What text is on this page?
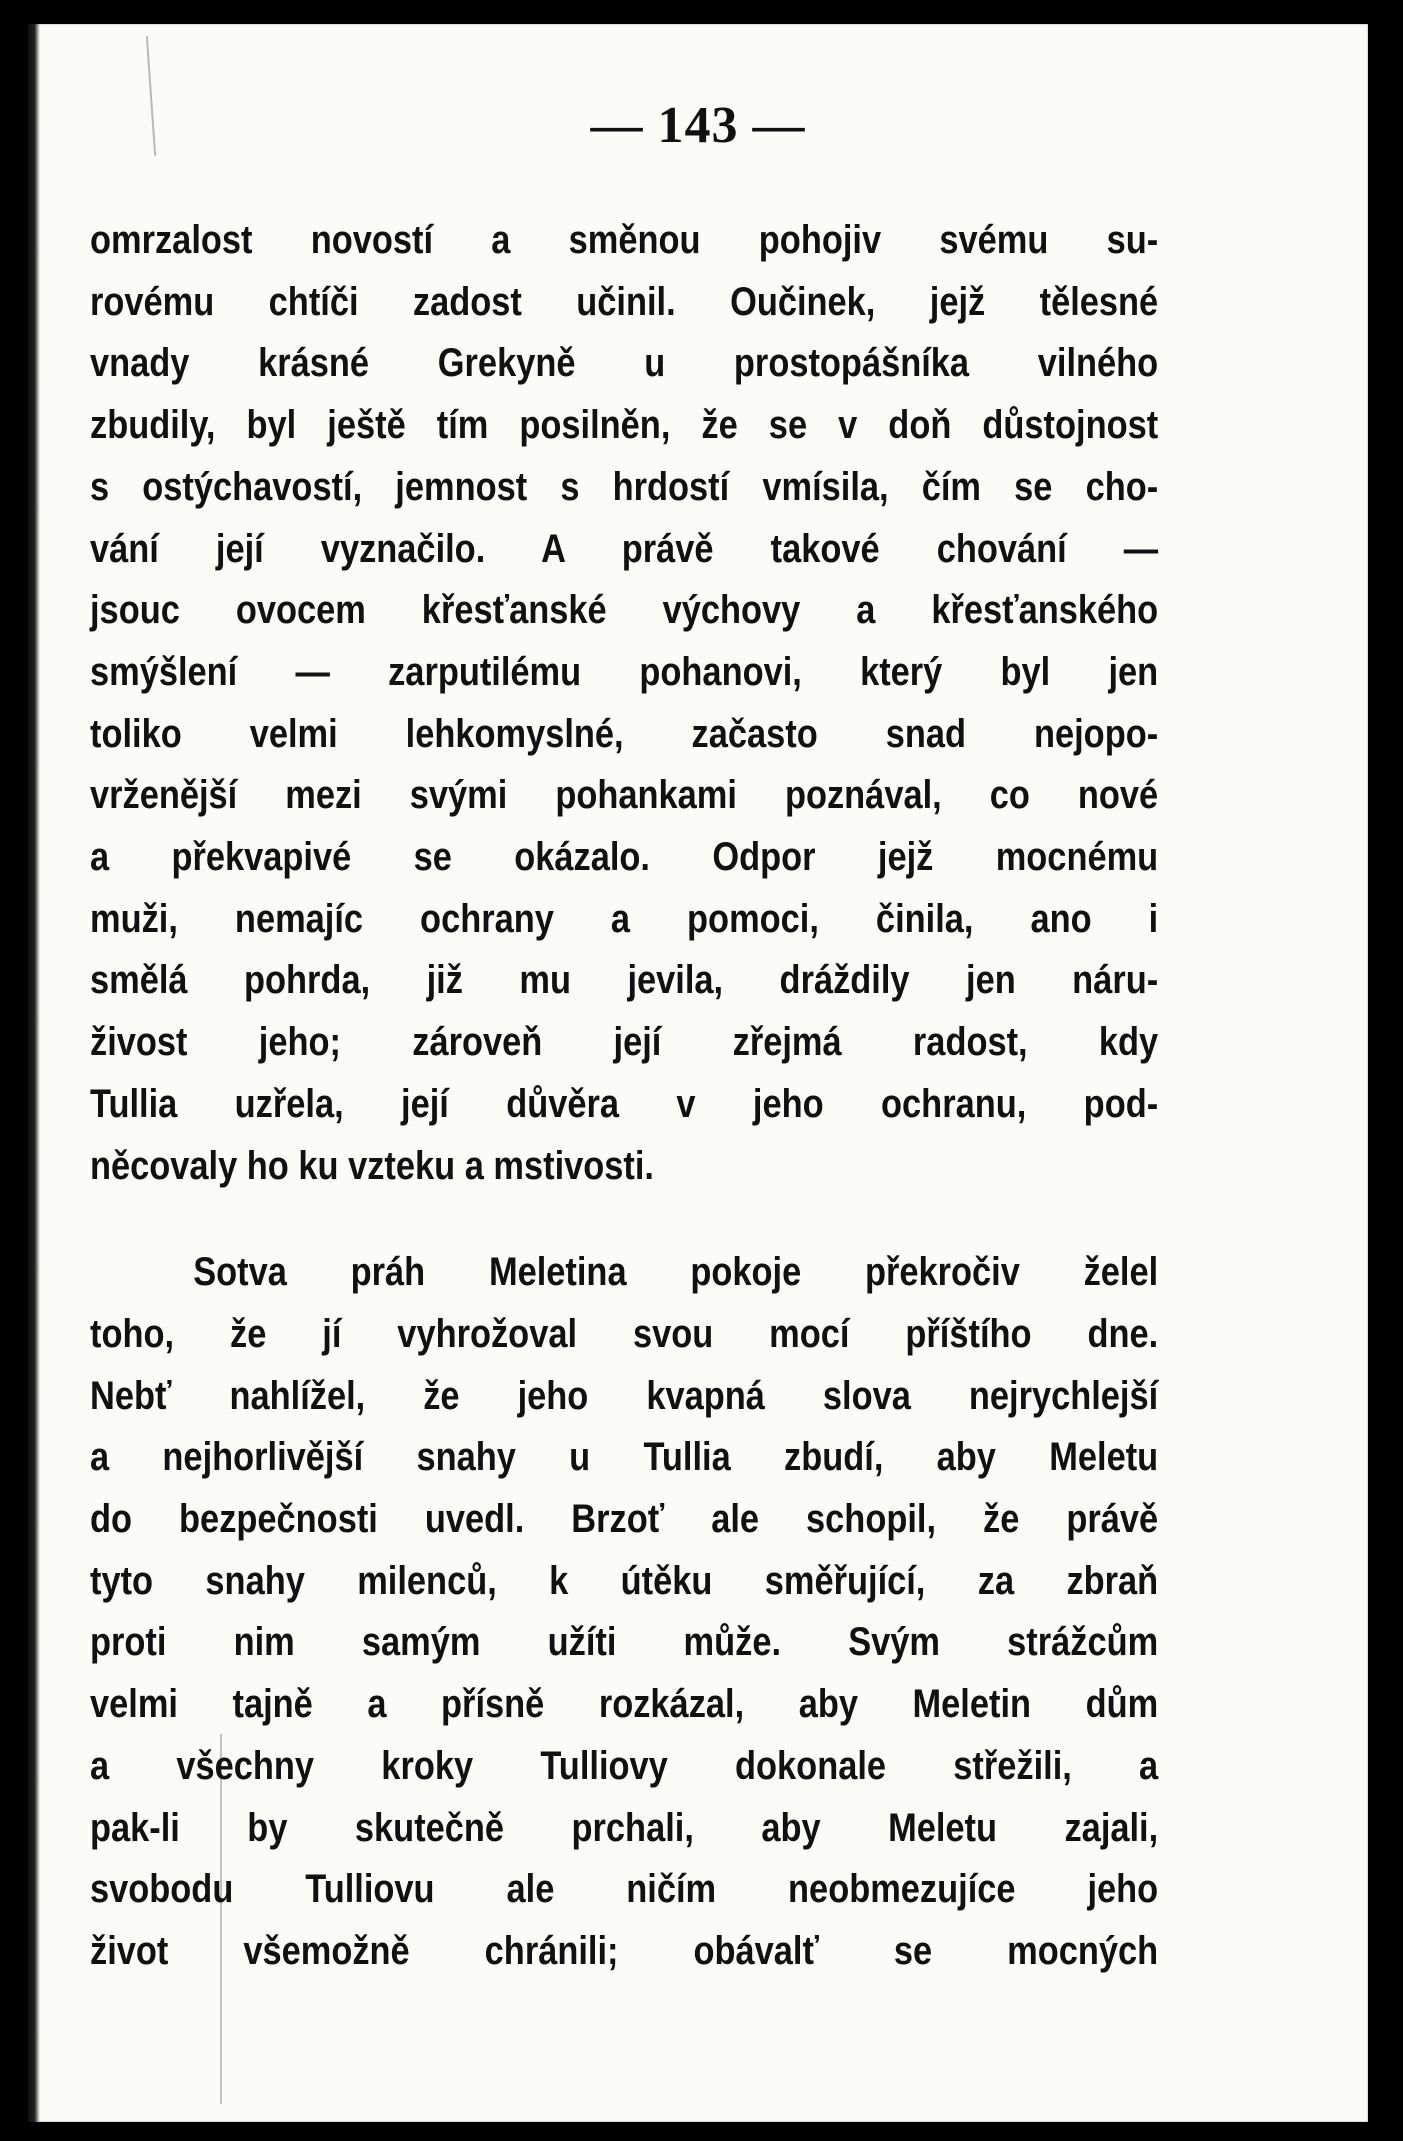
— 143 —

omrzalost novostí a směnou pohojiv svému su-
rovému chtíči zadost učinil. Oučinek, jejž tělesné
vnady krásné Grekyně u prostopášníka vilného
zbudily, byl ještě tím posilněn, že se v doň důstojnost
s ostýchavostí, jemnost s hrdostí vmísila, čím se cho-
vání její vyznačilo. A právě takové chování —
jsouc ovocem křesťanské výchovy a křesťanského
smýšlení — zarputilému pohanovi, který byl jen
toliko velmi lehkomyslné, začasto snad nejopo-
vrženější mezi svými pohankami poznával, co nové
a překvapivé se okázalo. Odpor jejž mocnému
muži, nemajíc ochrany a pomoci, činila, ano i
smělá pohrda, již mu jevila, dráždily jen náru-
živost jeho; zároveň její zřejmá radost, kdy
Tullia uzřela, její důvěra v jeho ochranu, pod-
něcovaly ho ku vzteku a mstivosti.

Sotva práh Meletina pokoje překročiv želel
toho, že jí vyhrožoval svou mocí příštího dne.
Nebť nahlížel, že jeho kvapná slova nejrychlejší
a nejhorlivější snahy u Tullia zbudí, aby Meletu
do bezpečnosti uvedl. Brzoť ale schopil, že právě
tyto snahy milenců, k útěku směřující, za zbraň
proti nim samým užíti může. Svým strážcům
velmi tajně a přísně rozkázal, aby Meletin dům
a všechny kroky Tulliovy dokonale střežili, a
pak-li by skutečně prchali, aby Meletu zajali,
svobodu Tulliovu ale ničím neobmezujíce jeho
život všemožně chránili; obávalť se mocných
